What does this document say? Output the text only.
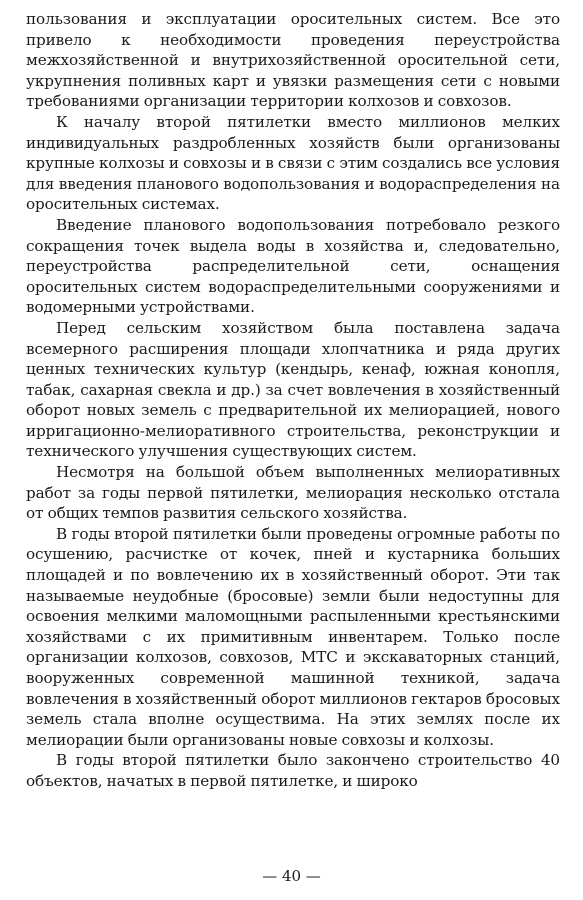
пользования и эксплуатации оросительных систем. Все это привело к необходимости проведения переустройства межхозяйственной и внутрихозяйственной оросительной сети, укрупнения поливных карт и увязки размещения сети с новыми требованиями организации территории колхозов и совхозов.

К началу второй пятилетки вместо миллионов мелких индивидуальных раздробленных хозяйств были организованы крупные колхозы и совхозы и в связи с этим создались все условия для введения планового водопользования и водораспределения на оросительных системах.

Введение планового водопользования потребовало резкого сокращения точек выдела воды в хозяйства и, следовательно, переустройства распределительной сети, оснащения оросительных систем водораспределительными сооружениями и водомерными устройствами.

Перед сельским хозяйством была поставлена задача всемерного расширения площади хлопчатника и ряда других ценных технических культур (кендырь, кенаф, южная конопля, табак, сахарная свекла и др.) за счет вовлечения в хозяйственный оборот новых земель с предварительной их мелиорацией, нового ирригационно-мелиоративного строительства, реконструкции и технического улучшения существующих систем.

Несмотря на большой объем выполненных мелиоративных работ за годы первой пятилетки, мелиорация несколько отстала от общих темпов развития сельского хозяйства.

В годы второй пятилетки были проведены огромные работы по осушению, расчистке от кочек, пней и кустарника больших площадей и по вовлечению их в хозяйственный оборот. Эти так называемые неудобные (бросовые) земли были недоступны для освоения мелкими маломощными распыленными крестьянскими хозяйствами с их примитивным инвентарем. Только после организации колхозов, совхозов, МТС и экскаваторных станций, вооруженных современной машинной техникой, задача вовлечения в хозяйственный оборот миллионов гектаров бросовых земель стала вполне осуществима. На этих землях после их мелиорации были организованы новые совхозы и колхозы.

В годы второй пятилетки было закончено строительство 40 объектов, начатых в первой пятилетке, и широко

— 40 —
